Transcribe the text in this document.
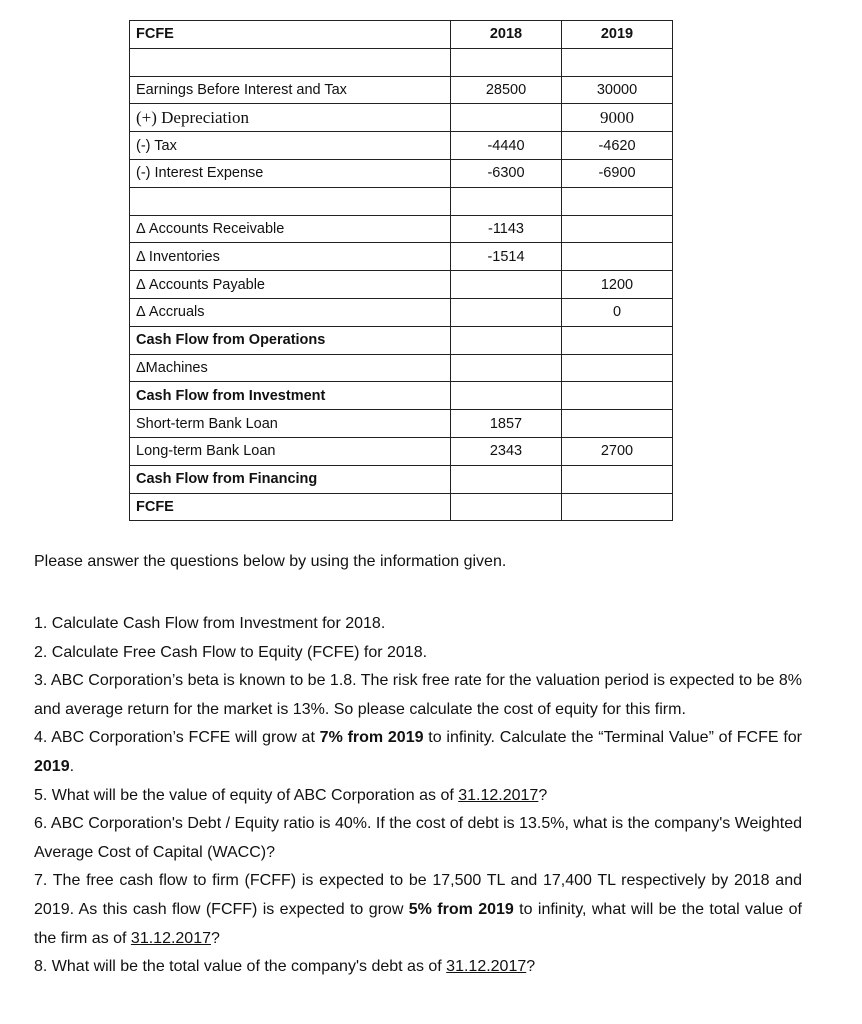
FCFE	2018	2019

Earnings Before Interest and Tax	28500	30000
(+) Depreciation		9000
(-) Tax	-4440	-4620
(-) Interest Expense	-6300	-6900

Δ Accounts Receivable	-1143	
Δ Inventories	-1514	
Δ Accounts Payable		1200
Δ Accruals		0
Cash Flow from Operations		
ΔMachines		
Cash Flow from Investment		
Short-term Bank Loan	1857	
Long-term Bank Loan	2343	2700
Cash Flow from Financing		
FCFE		

Please answer the questions below by using the information given.

1. Calculate Cash Flow from Investment for 2018.
2. Calculate Free Cash Flow to Equity (FCFE) for 2018.
3. ABC Corporation’s beta is known to be 1.8. The risk free rate for the valuation period is expected to be 8% and average return for the market is 13%. So please calculate the cost of equity for this firm.
4. ABC Corporation’s FCFE will grow at 7% from 2019 to infinity. Calculate the “Terminal Value” of FCFE for 2019.
5. What will be the value of equity of ABC Corporation as of 31.12.2017?
6. ABC Corporation's Debt / Equity ratio is 40%. If the cost of debt is 13.5%, what is the company's Weighted Average Cost of Capital (WACC)?
7. The free cash flow to firm (FCFF) is expected to be 17,500 TL and 17,400 TL respectively by 2018 and 2019. As this cash flow (FCFF) is expected to grow 5% from 2019 to infinity, what will be the total value of the firm as of 31.12.2017?
8. What will be the total value of the company's debt as of 31.12.2017?
